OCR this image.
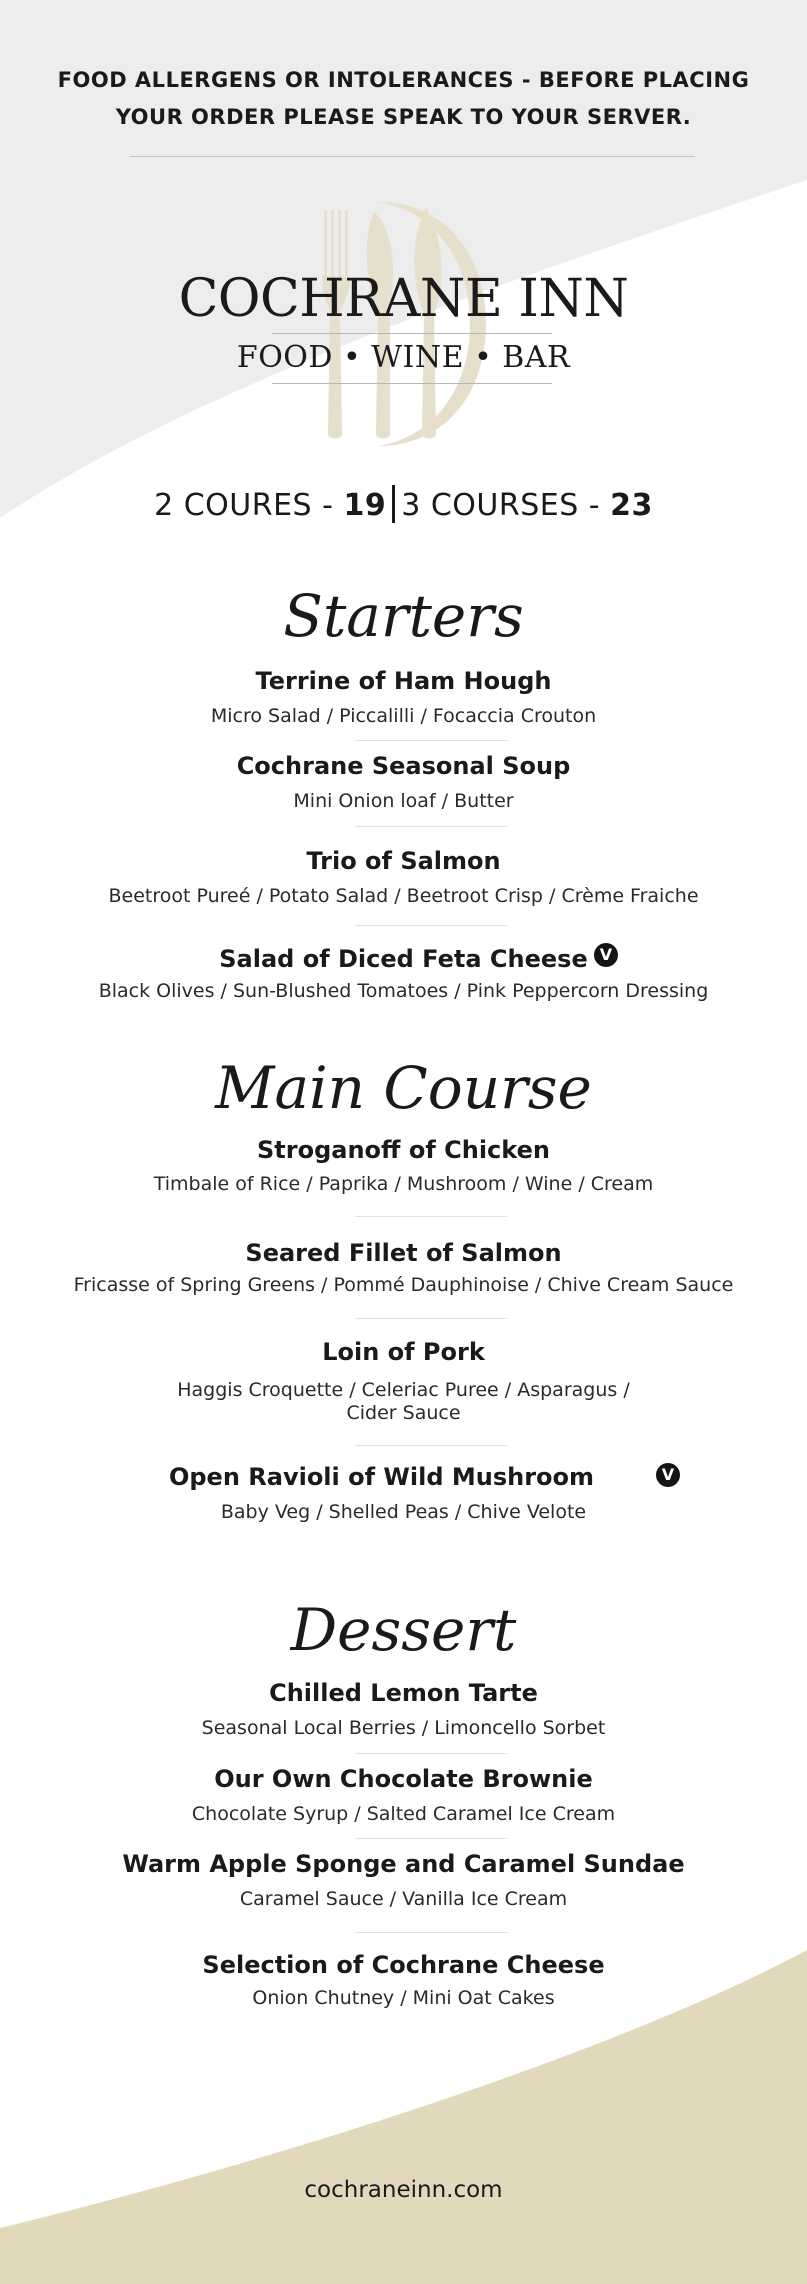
FOOD ALLERGENS OR INTOLERANCES - BEFORE PLACING
YOUR ORDER PLEASE SPEAK TO YOUR SERVER.
COCHRANE INN
FOOD • WINE • BAR
2 COURES - 19 3 COURSES - 23
Starters
Terrine of Ham Hough
Micro Salad / Piccalilli / Focaccia Crouton
Cochrane Seasonal Soup
Mini Onion loaf / Butter
Trio of Salmon
Beetroot Pureé / Potato Salad / Beetroot Crisp / Crème Fraiche
Salad of Diced Feta Cheese V
Black Olives / Sun-Blushed Tomatoes / Pink Peppercorn Dressing
Main Course
Stroganoff of Chicken
Timbale of Rice / Paprika / Mushroom / Wine / Cream
Seared Fillet of Salmon
Fricasse of Spring Greens / Pommé Dauphinoise / Chive Cream Sauce
Loin of Pork
Haggis Croquette / Celeriac Puree / Asparagus /
Cider Sauce
Open Ravioli of Wild Mushroom	V
Baby Veg / Shelled Peas / Chive Velote
Dessert
Chilled Lemon Tarte
Seasonal Local Berries / Limoncello Sorbet
Our Own Chocolate Brownie
Chocolate Syrup / Salted Caramel Ice Cream
Warm Apple Sponge and Caramel Sundae
Caramel Sauce / Vanilla Ice Cream
Selection of Cochrane Cheese
Onion Chutney / Mini Oat Cakes
cochraneinn.com
